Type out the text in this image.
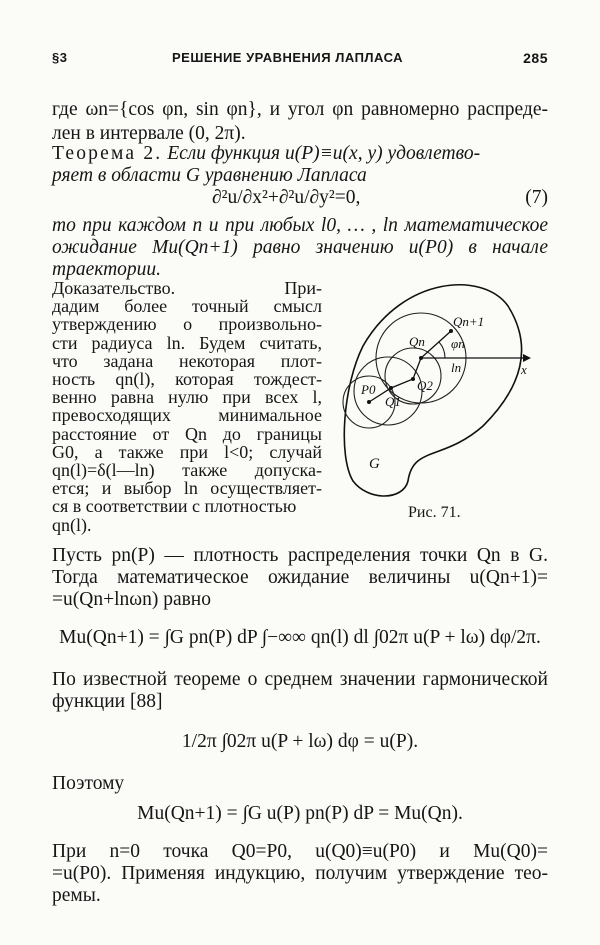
§3	РЕШЕНИЕ УРАВНЕНИЯ ЛАПЛАСА	285
где ωn={cos φn, sin φn}, и угол φn равномерно распреде-
лен в интервале (0, 2π).
Теорема 2. Если функция u(P)≡u(x, y) удовлетво-
ряет в области G уравнению Лапласа
∂²u/∂x²+∂²u/∂y²=0,	(7)
то при каждом n и при любых l0, … , ln математическое
ожидание Mu(Qn+1) равно значению u(P0) в начале
траектории.
Доказательство. При-
дадим более точный смысл
утверждению о произвольно-
сти радиуса ln. Будем считать,
что задана некоторая плот-
ность qn(l), которая тождест-
венно равна нулю при всех l,
превосходящих минимальное
расстояние от Qn до границы
G0, а также при l<0; случай
qn(l)=δ(l—ln) также допуска-
ется; и выбор ln осуществляет-
ся в соответствии с плотностью
qn(l).
Qn+1
φn
Qn
ln	x
Q2
P0
Q1
G
Рис. 71.
Пусть pn(P) — плотность распределения точки Qn в G.
Тогда математическое ожидание величины u(Qn+1)=
=u(Qn+lnωn) равно
Mu(Qn+1) = ∫G pn(P) dP ∫−∞∞ qn(l) dl ∫02π u(P + lω) dφ/2π.
По известной теореме о среднем значении гармонической
функции [88]
1/2π ∫02π u(P + lω) dφ = u(P).
Поэтому
Mu(Qn+1) = ∫G u(P) pn(P) dP = Mu(Qn).
При n=0 точка Q0=P0, u(Q0)≡u(P0) и Mu(Q0)=
=u(P0). Применяя индукцию, получим утверждение тео-
ремы.
